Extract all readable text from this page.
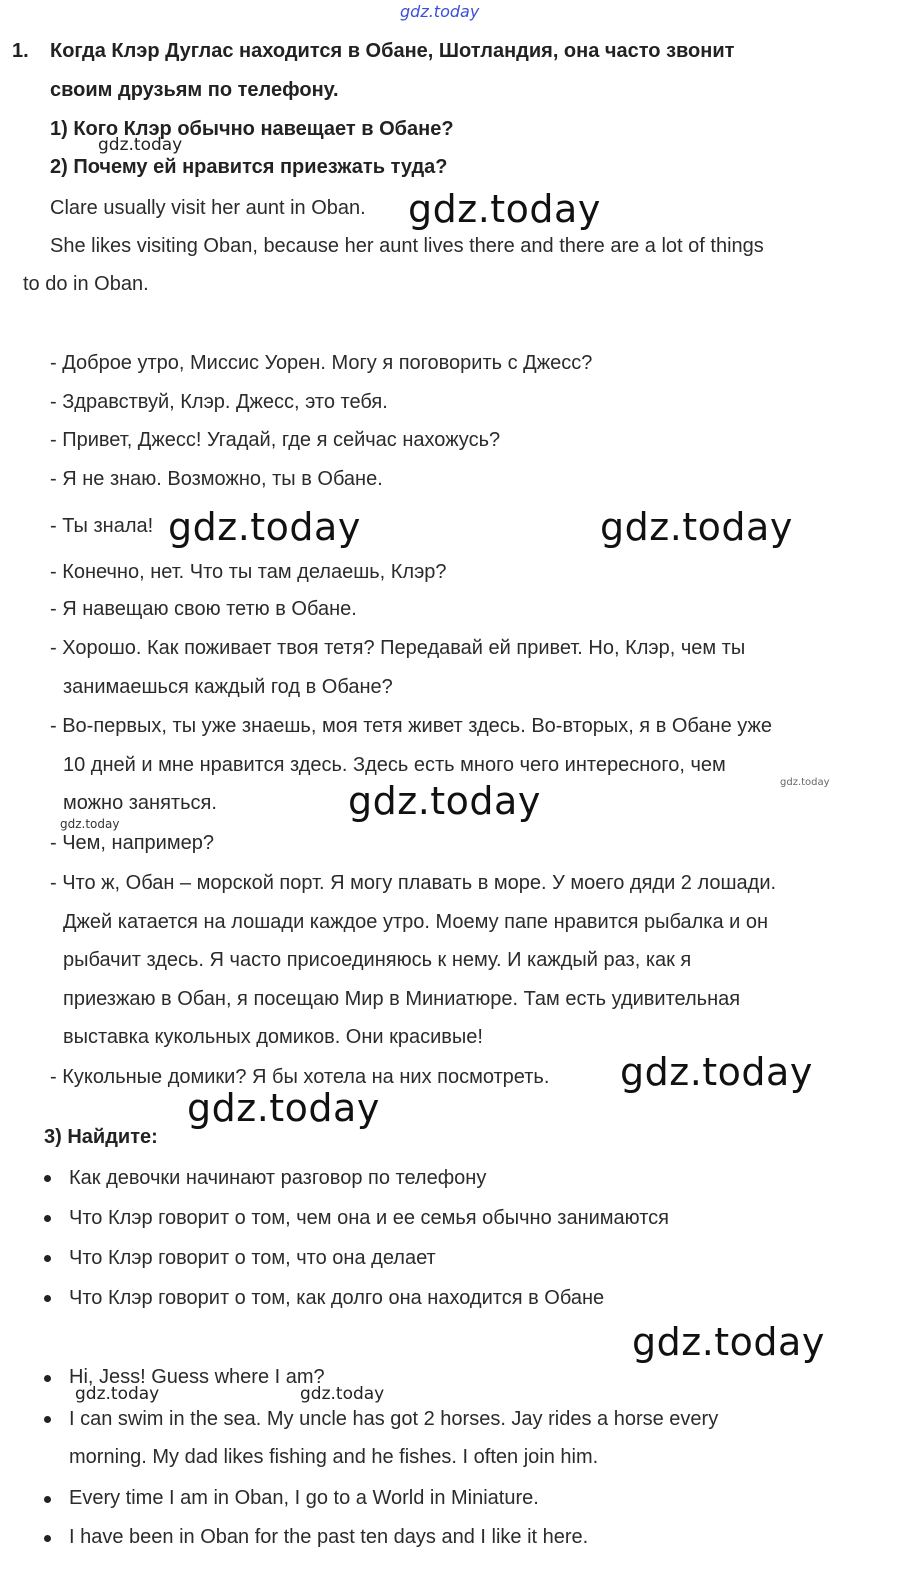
gdz.today
1. Когда Клэр Дуглас находится в Обане, Шотландия, она часто звонит
своим друзьям по телефону.
1) Кого Клэр обычно навещает в Обане?
2) Почему ей нравится приезжать туда?
Clare usually visit her aunt in Oban.
She likes visiting Oban, because her aunt lives there and there are a lot of things
to do in Oban.
- Доброе утро, Миссис Уорен. Могу я поговорить с Джесс?
- Здравствуй, Клэр. Джесс, это тебя.
- Привет, Джесс! Угадай, где я сейчас нахожусь?
- Я не знаю. Возможно, ты в Обане.
- Ты знала!
- Конечно, нет. Что ты там делаешь, Клэр?
- Я навещаю свою тетю в Обане.
- Хорошо. Как поживает твоя тетя? Передавай ей привет. Но, Клэр, чем ты
занимаешься каждый год в Обане?
- Во-первых, ты уже знаешь, моя тетя живет здесь. Во-вторых, я в Обане уже
10 дней и мне нравится здесь. Здесь есть много чего интересного, чем
можно заняться.
- Чем, например?
- Что ж, Обан – морской порт. Я могу плавать в море. У моего дяди 2 лошади.
Джей катается на лошади каждое утро. Моему папе нравится рыбалка и он
рыбачит здесь. Я часто присоединяюсь к нему. И каждый раз, как я
приезжаю в Обан, я посещаю Мир в Миниатюре. Там есть удивительная
выставка кукольных домиков. Они красивые!
- Кукольные домики? Я бы хотела на них посмотреть.
3) Найдите:
Как девочки начинают разговор по телефону
Что Клэр говорит о том, чем она и ее семья обычно занимаются
Что Клэр говорит о том, что она делает
Что Клэр говорит о том, как долго она находится в Обане
Hi, Jess! Guess where I am?
I can swim in the sea. My uncle has got 2 horses. Jay rides a horse every
morning. My dad likes fishing and he fishes. I often join him.
Every time I am in Oban, I go to a World in Miniature.
I have been in Oban for the past ten days and I like it here.
gdz.today
gdz.today
gdz.today	gdz.today
gdz.today
gdz.today
gdz.today
gdz.today
gdz.today
gdz.today
gdz.today	gdz.today
